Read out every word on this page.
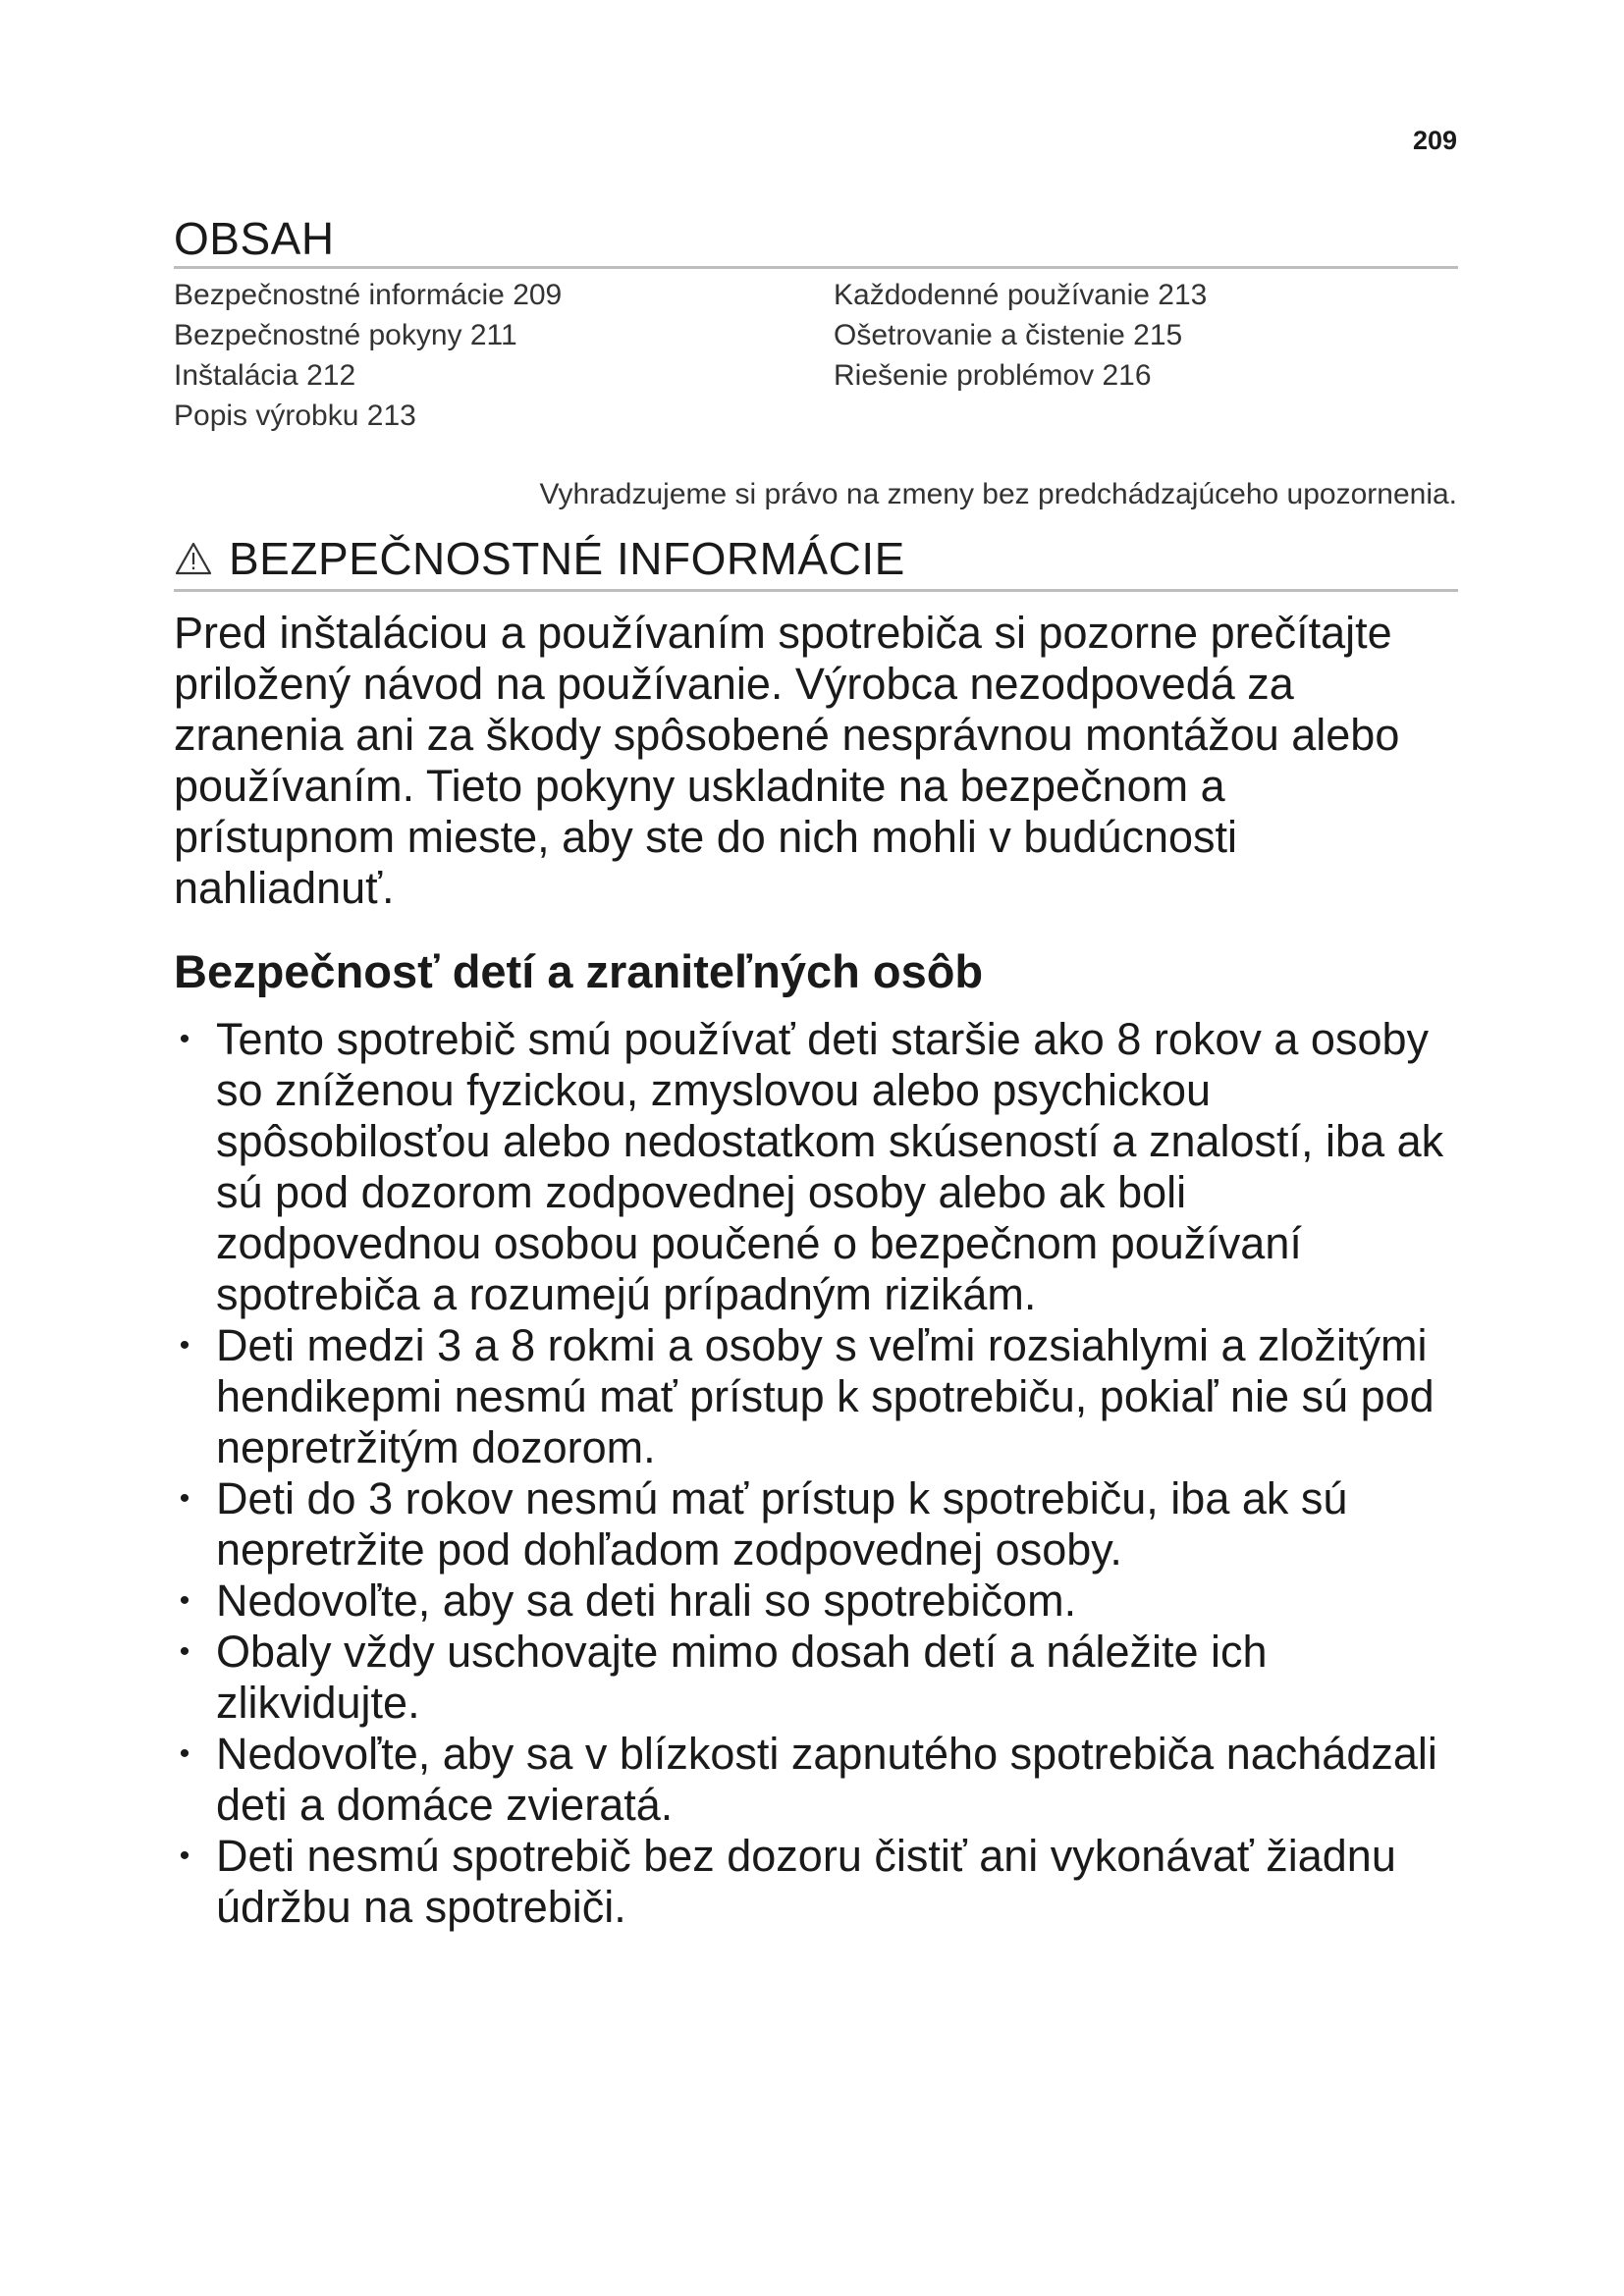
209
OBSAH
Bezpečnostné informácie 209
Bezpečnostné pokyny 211
Inštalácia 212
Popis výrobku 213
Každodenné používanie 213
Ošetrovanie a čistenie 215
Riešenie problémov 216
Vyhradzujeme si právo na zmeny bez predchádzajúceho upozornenia.
BEZPEČNOSTNÉ INFORMÁCIE

Pred inštaláciou a používaním spotrebiča si pozorne prečítajte priložený návod na používanie. Výrobca nezodpovedá za zranenia ani za škody spôsobené nesprávnou montážou alebo používaním. Tieto pokyny uskladnite na bezpečnom a prístupnom mieste, aby ste do nich mohli v budúcnosti nahliadnuť.

Bezpečnosť detí a zraniteľných osôb
• Tento spotrebič smú používať deti staršie ako 8 rokov a osoby so zníženou fyzickou, zmyslovou alebo psychickou spôsobilosťou alebo nedostatkom skúseností a znalostí, iba ak sú pod dozorom zodpovednej osoby alebo ak boli zodpovednou osobou poučené o bezpečnom používaní spotrebiča a rozumejú prípadným rizikám.
• Deti medzi 3 a 8 rokmi a osoby s veľmi rozsiahlymi a zložitými hendikepmi nesmú mať prístup k spotrebiču, pokiaľ nie sú pod nepretržitým dozorom.
• Deti do 3 rokov nesmú mať prístup k spotrebiču, iba ak sú nepretržite pod dohľadom zodpovednej osoby.
• Nedovoľte, aby sa deti hrali so spotrebičom.
• Obaly vždy uschovajte mimo dosah detí a náležite ich zlikvidujte.
• Nedovoľte, aby sa v blízkosti zapnutého spotrebiča nachádzali deti a domáce zvieratá.
• Deti nesmú spotrebič bez dozoru čistiť ani vykonávať žiadnu údržbu na spotrebiči.
